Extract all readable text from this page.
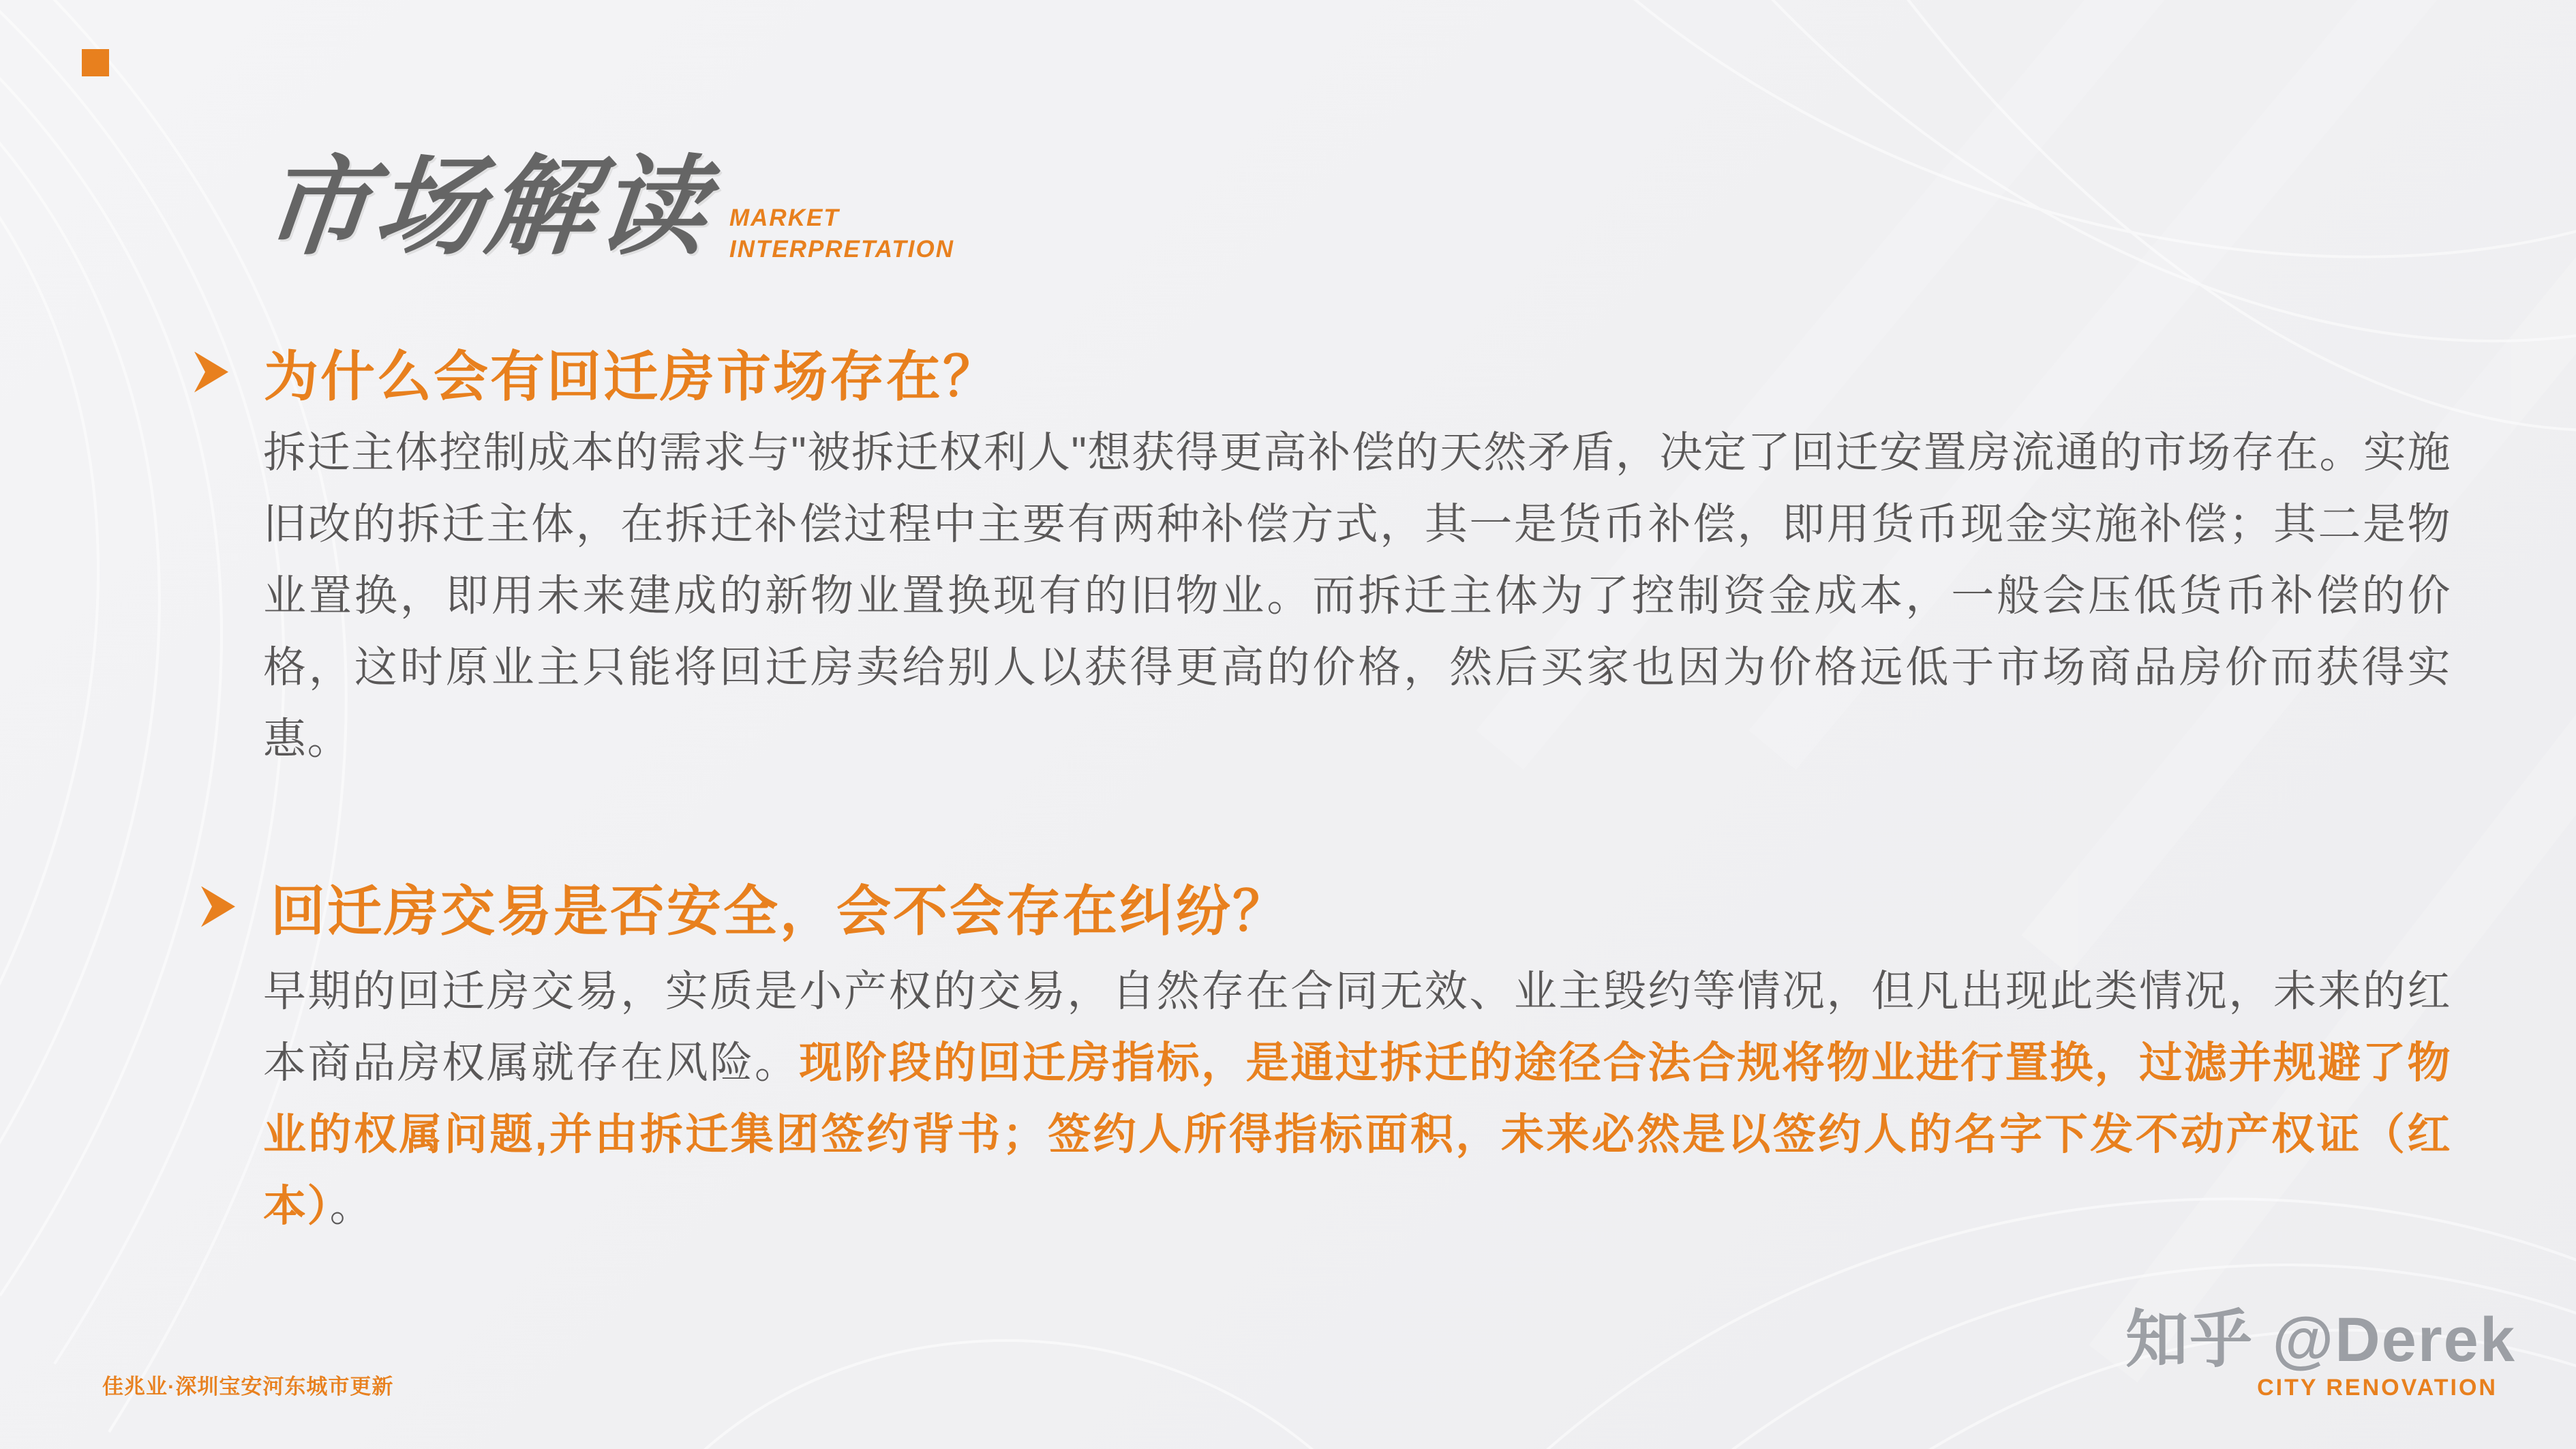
市场解读 MARKET
INTERPRETATION
为什么会有回迁房市场存在？
拆迁主体控制成本的需求与"被拆迁权利人"想获得更高补偿的天然矛盾，决定了回迁安置房流通的市场存在。实施旧改的拆迁主体，在拆迁补偿过程中主要有两种补偿方式，其一是货币补偿，即用货币现金实施补偿；其二是物业置换，即用未来建成的新物业置换现有的旧物业。而拆迁主体为了控制资金成本，一般会压低货币补偿的价格，这时原业主只能将回迁房卖给别人以获得更高的价格，然后买家也因为价格远低于市场商品房价而获得实惠。
回迁房交易是否安全，会不会存在纠纷？
早期的回迁房交易，实质是小产权的交易，自然存在合同无效、业主毁约等情况，但凡出现此类情况，未来的红本商品房权属就存在风险。现阶段的回迁房指标，是通过拆迁的途径合法合规将物业进行置换，过滤并规避了物业的权属问题,并由拆迁集团签约背书；签约人所得指标面积，未来必然是以签约人的名字下发不动产权证（红本）。
佳兆业·深圳宝安河东城市更新
知乎 @Derek
CITY RENOVATION
